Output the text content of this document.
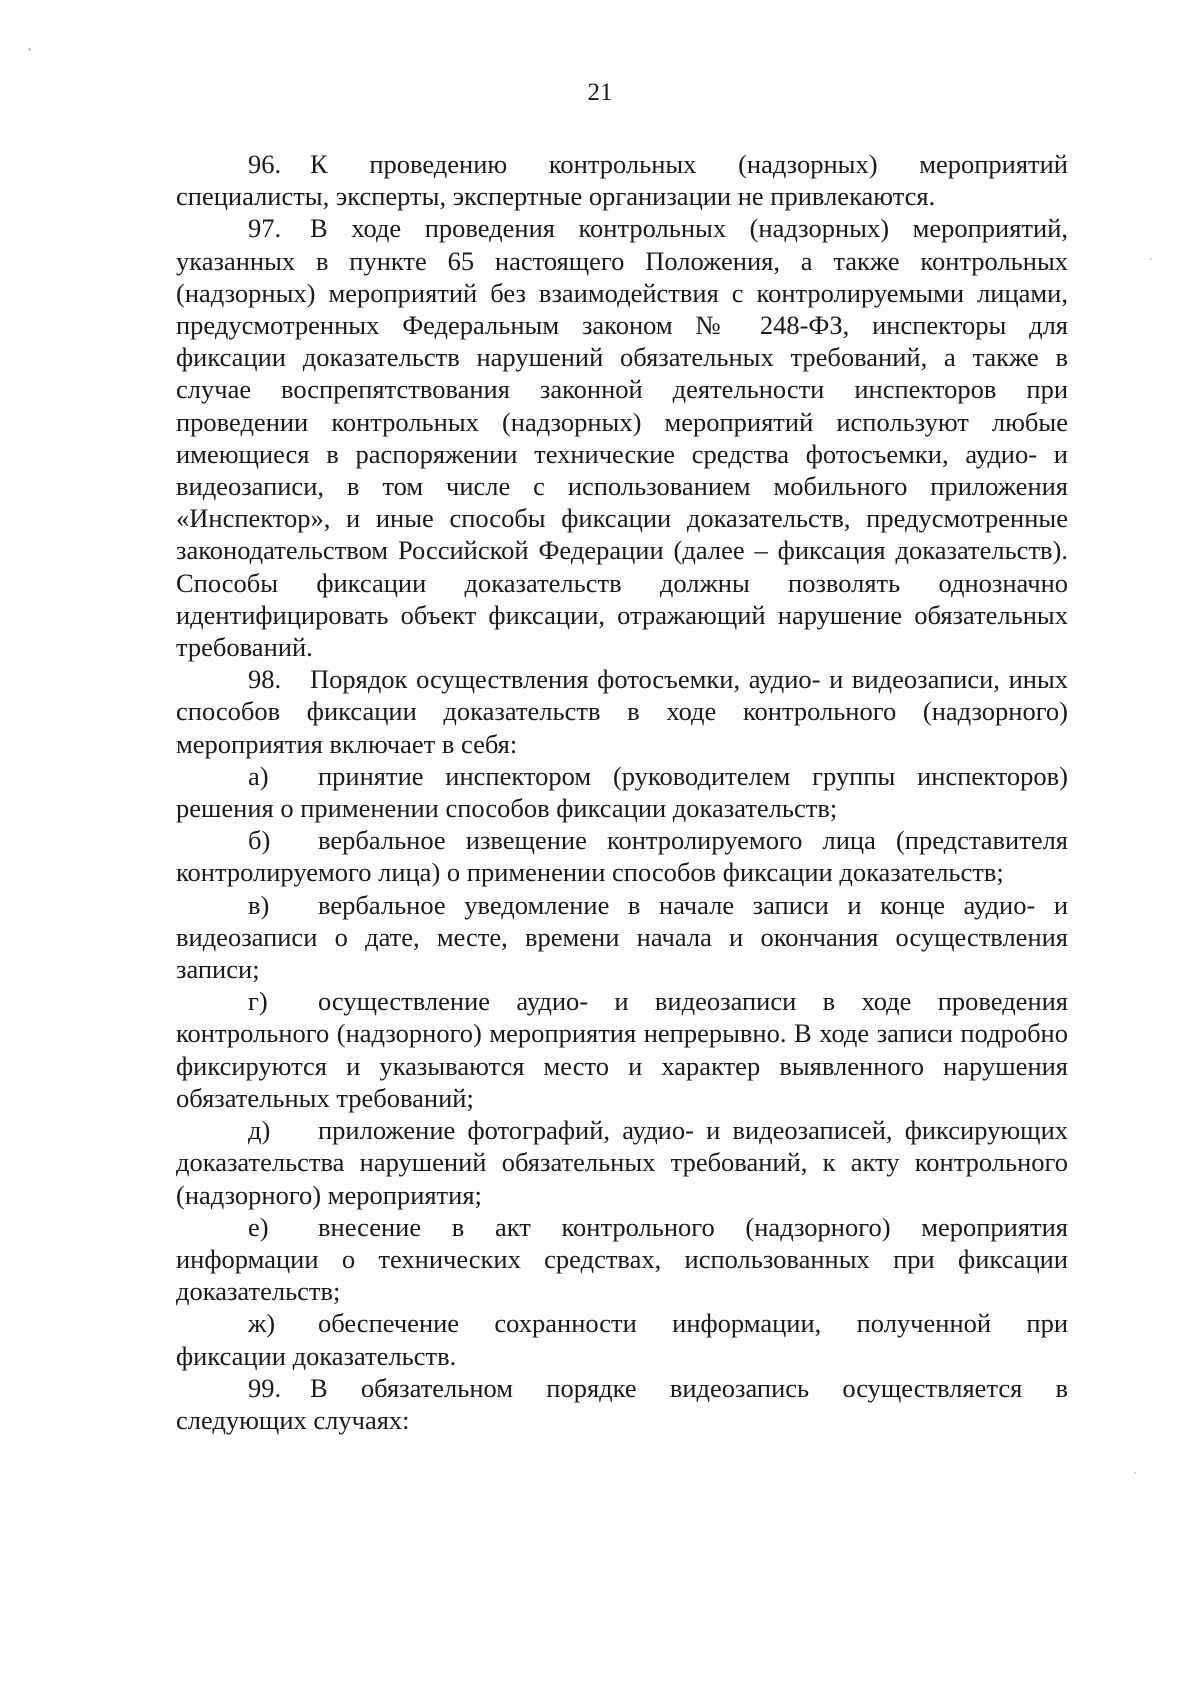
21

96. К проведению контрольных (надзорных) мероприятий специалисты, эксперты, экспертные организации не привлекаются.

97. В ходе проведения контрольных (надзорных) мероприятий, указанных в пункте 65 настоящего Положения, а также контрольных (надзорных) мероприятий без взаимодействия с контролируемыми лицами, предусмотренных Федеральным законом № 248-ФЗ, инспекторы для фиксации доказательств нарушений обязательных требований, а также в случае воспрепятствования законной деятельности инспекторов при проведении контрольных (надзорных) мероприятий используют любые имеющиеся в распоряжении технические средства фотосъемки, аудио- и видеозаписи, в том числе с использованием мобильного приложения «Инспектор», и иные способы фиксации доказательств, предусмотренные законодательством Российской Федерации (далее – фиксация доказательств). Способы фиксации доказательств должны позволять однозначно идентифицировать объект фиксации, отражающий нарушение обязательных требований.

98. Порядок осуществления фотосъемки, аудио- и видеозаписи, иных способов фиксации доказательств в ходе контрольного (надзорного) мероприятия включает в себя:

а) принятие инспектором (руководителем группы инспекторов) решения о применении способов фиксации доказательств;

б) вербальное извещение контролируемого лица (представителя контролируемого лица) о применении способов фиксации доказательств;

в) вербальное уведомление в начале записи и конце аудио- и видеозаписи о дате, месте, времени начала и окончания осуществления записи;

г) осуществление аудио- и видеозаписи в ходе проведения контрольного (надзорного) мероприятия непрерывно. В ходе записи подробно фиксируются и указываются место и характер выявленного нарушения обязательных требований;

д) приложение фотографий, аудио- и видеозаписей, фиксирующих доказательства нарушений обязательных требований, к акту контрольного (надзорного) мероприятия;

е) внесение в акт контрольного (надзорного) мероприятия информации о технических средствах, использованных при фиксации доказательств;

ж) обеспечение сохранности информации, полученной при фиксации доказательств.

99. В обязательном порядке видеозапись осуществляется в следующих случаях:
